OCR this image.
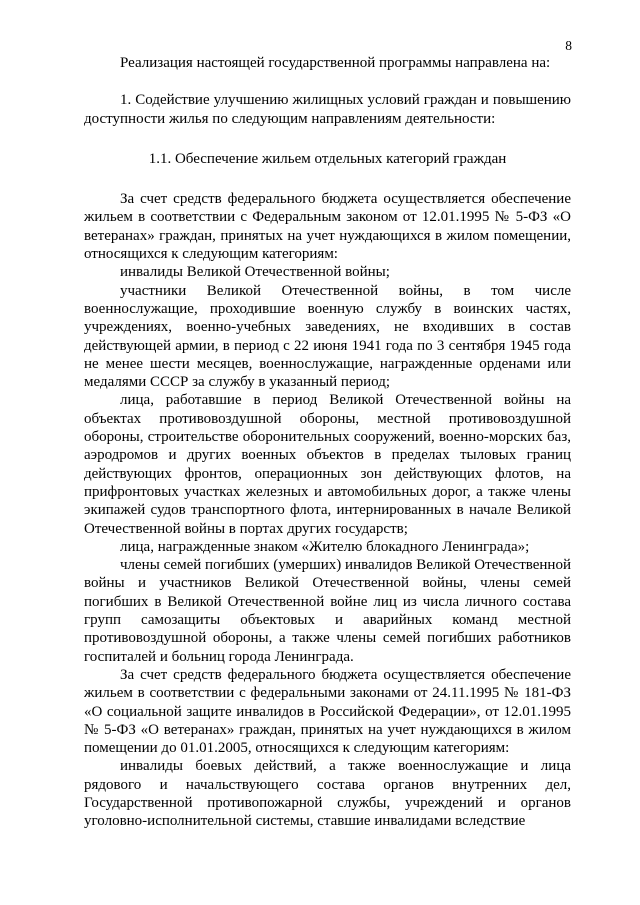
8

Реализация настоящей государственной программы направлена на:

1. Содействие улучшению жилищных условий граждан и повышению доступности жилья по следующим направлениям деятельности:

1.1. Обеспечение жильем отдельных категорий граждан

За счет средств федерального бюджета осуществляется обеспечение жильем в соответствии с Федеральным законом от 12.01.1995 № 5-ФЗ «О ветеранах» граждан, принятых на учет нуждающихся в жилом помещении, относящихся к следующим категориям:

инвалиды Великой Отечественной войны;

участники Великой Отечественной войны, в том числе военнослужащие, проходившие военную службу в воинских частях, учреждениях, военно-учебных заведениях, не входивших в состав действующей армии, в период с 22 июня 1941 года по 3 сентября 1945 года не менее шести месяцев, военнослужащие, награжденные орденами или медалями СССР за службу в указанный период;

лица, работавшие в период Великой Отечественной войны на объектах противовоздушной обороны, местной противовоздушной обороны, строительстве оборонительных сооружений, военно-морских баз, аэродромов и других военных объектов в пределах тыловых границ действующих фронтов, операционных зон действующих флотов, на прифронтовых участках железных и автомобильных дорог, а также члены экипажей судов транспортного флота, интернированных в начале Великой Отечественной войны в портах других государств;

лица, награжденные знаком «Жителю блокадного Ленинграда»;

члены семей погибших (умерших) инвалидов Великой Отечественной войны и участников Великой Отечественной войны, члены семей погибших в Великой Отечественной войне лиц из числа личного состава групп самозащиты объектовых и аварийных команд местной противовоздушной обороны, а также члены семей погибших работников госпиталей и больниц города Ленинграда.

За счет средств федерального бюджета осуществляется обеспечение жильем в соответствии с федеральными законами от 24.11.1995 № 181-ФЗ «О социальной защите инвалидов в Российской Федерации», от 12.01.1995 № 5-ФЗ «О ветеранах» граждан, принятых на учет нуждающихся в жилом помещении до 01.01.2005, относящихся к следующим категориям:

инвалиды боевых действий, а также военнослужащие и лица рядового и начальствующего состава органов внутренних дел, Государственной противопожарной службы, учреждений и органов уголовно-исполнительной системы, ставшие инвалидами вследствие
